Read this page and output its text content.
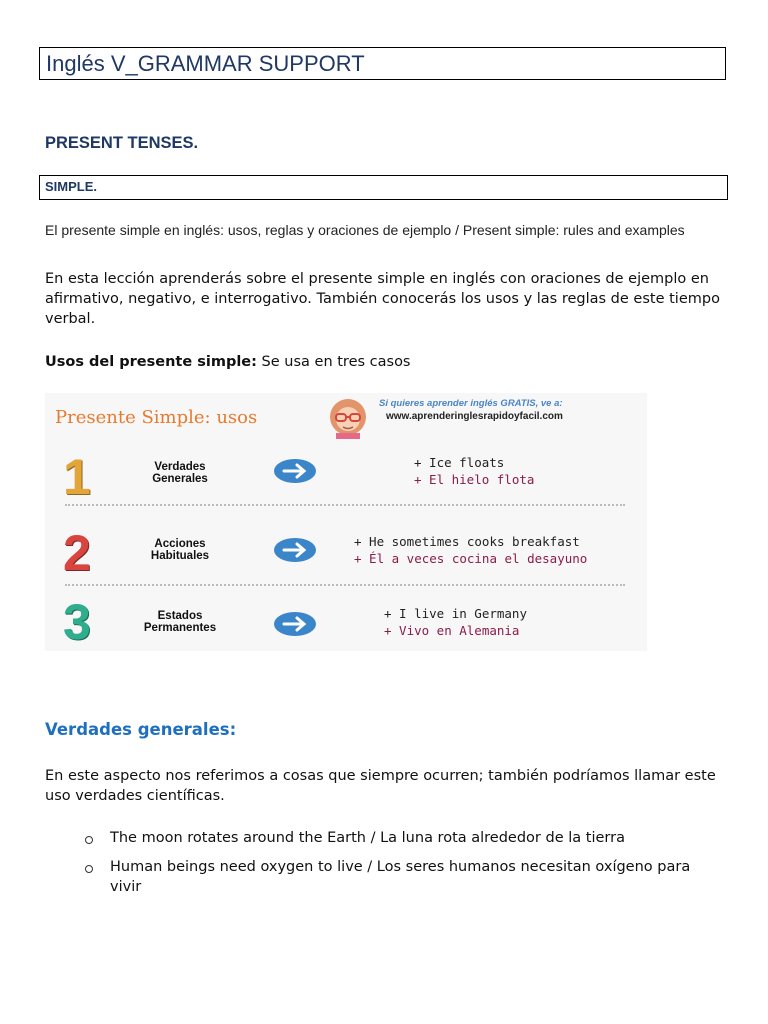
Inglés V_GRAMMAR SUPPORT
PRESENT TENSES.
SIMPLE.
El presente simple en inglés: usos, reglas y oraciones de ejemplo / Present simple: rules and examples
En esta lección aprenderás sobre el presente simple en inglés con oraciones de ejemplo en afirmativo, negativo, e interrogativo. También conocerás los usos y las reglas de este tiempo verbal.
Usos del presente simple: Se usa en tres casos
Presente Simple: usos
Si quieres aprender inglés GRATIS, ve a:
www.aprenderinglesrapidoyfacil.com
1	Verdades
Generales
+ Ice floats
+ El hielo flota
2	Acciones
Habituales
+ He sometimes cooks breakfast
+ Él a veces cocina el desayuno
3	Estados
Permanentes
+ I live in Germany
+ Vivo en Alemania
Verdades generales:
En este aspecto nos referimos a cosas que siempre ocurren; también podríamos llamar este uso verdades científicas.
The moon rotates around the Earth / La luna rota alrededor de la tierra
Human beings need oxygen to live / Los seres humanos necesitan oxígeno para vivir
